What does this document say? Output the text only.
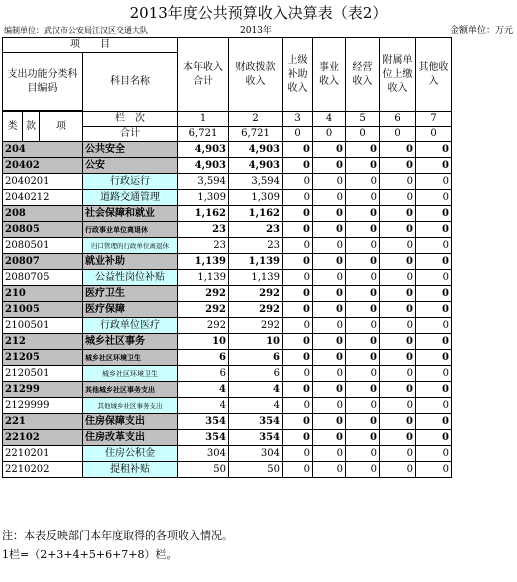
2013年度公共预算收入决算表（表2）
编制单位：武汉市公安局江汉区交通大队	2013年	金额单位：万元
项　　目				本年收入合计	财政拨款收入	上级补助收入	事业收入	经营收入	附属单位上缴收入	其他收入
支出功能分类科目编码			科目名称							

类	款	项	栏　次	1	2	3	4	5	6	7
			合计	6,721	6,721	0	0	0	0	0
204			公共安全	4,903	4,903	0	0	0	0	0
20402			公安	4,903	4,903	0	0	0	0	0
2040201			行政运行	3,594	3,594	0	0	0	0	0
2040212			道路交通管理	1,309	1,309	0	0	0	0	0
208			社会保障和就业	1,162	1,162	0	0	0	0	0
20805			行政事业单位离退休	23	23	0	0	0	0	0
2080501			归口管理的行政单位离退休	23	23	0	0	0	0	0
20807			就业补助	1,139	1,139	0	0	0	0	0
2080705			公益性岗位补贴	1,139	1,139	0	0	0	0	0
210			医疗卫生	292	292	0	0	0	0	0
21005			医疗保障	292	292	0	0	0	0	0
2100501			行政单位医疗	292	292	0	0	0	0	0
212			城乡社区事务	10	10	0	0	0	0	0
21205			城乡社区环境卫生	6	6	0	0	0	0	0
2120501			城乡社区环境卫生	6	6	0	0	0	0	0
21299			其他城乡社区事务支出	4	4	0	0	0	0	0
2129999			其他城乡社区事务支出	4	4	0	0	0	0	0
221			住房保障支出	354	354	0	0	0	0	0
22102			住房改革支出	354	354	0	0	0	0	0
2210201			住房公积金	304	304	0	0	0	0	0
2210202			提租补贴	50	50	0	0	0	0	0
注：本表反映部门本年度取得的各项收入情况。
1栏=（2+3+4+5+6+7+8）栏。
